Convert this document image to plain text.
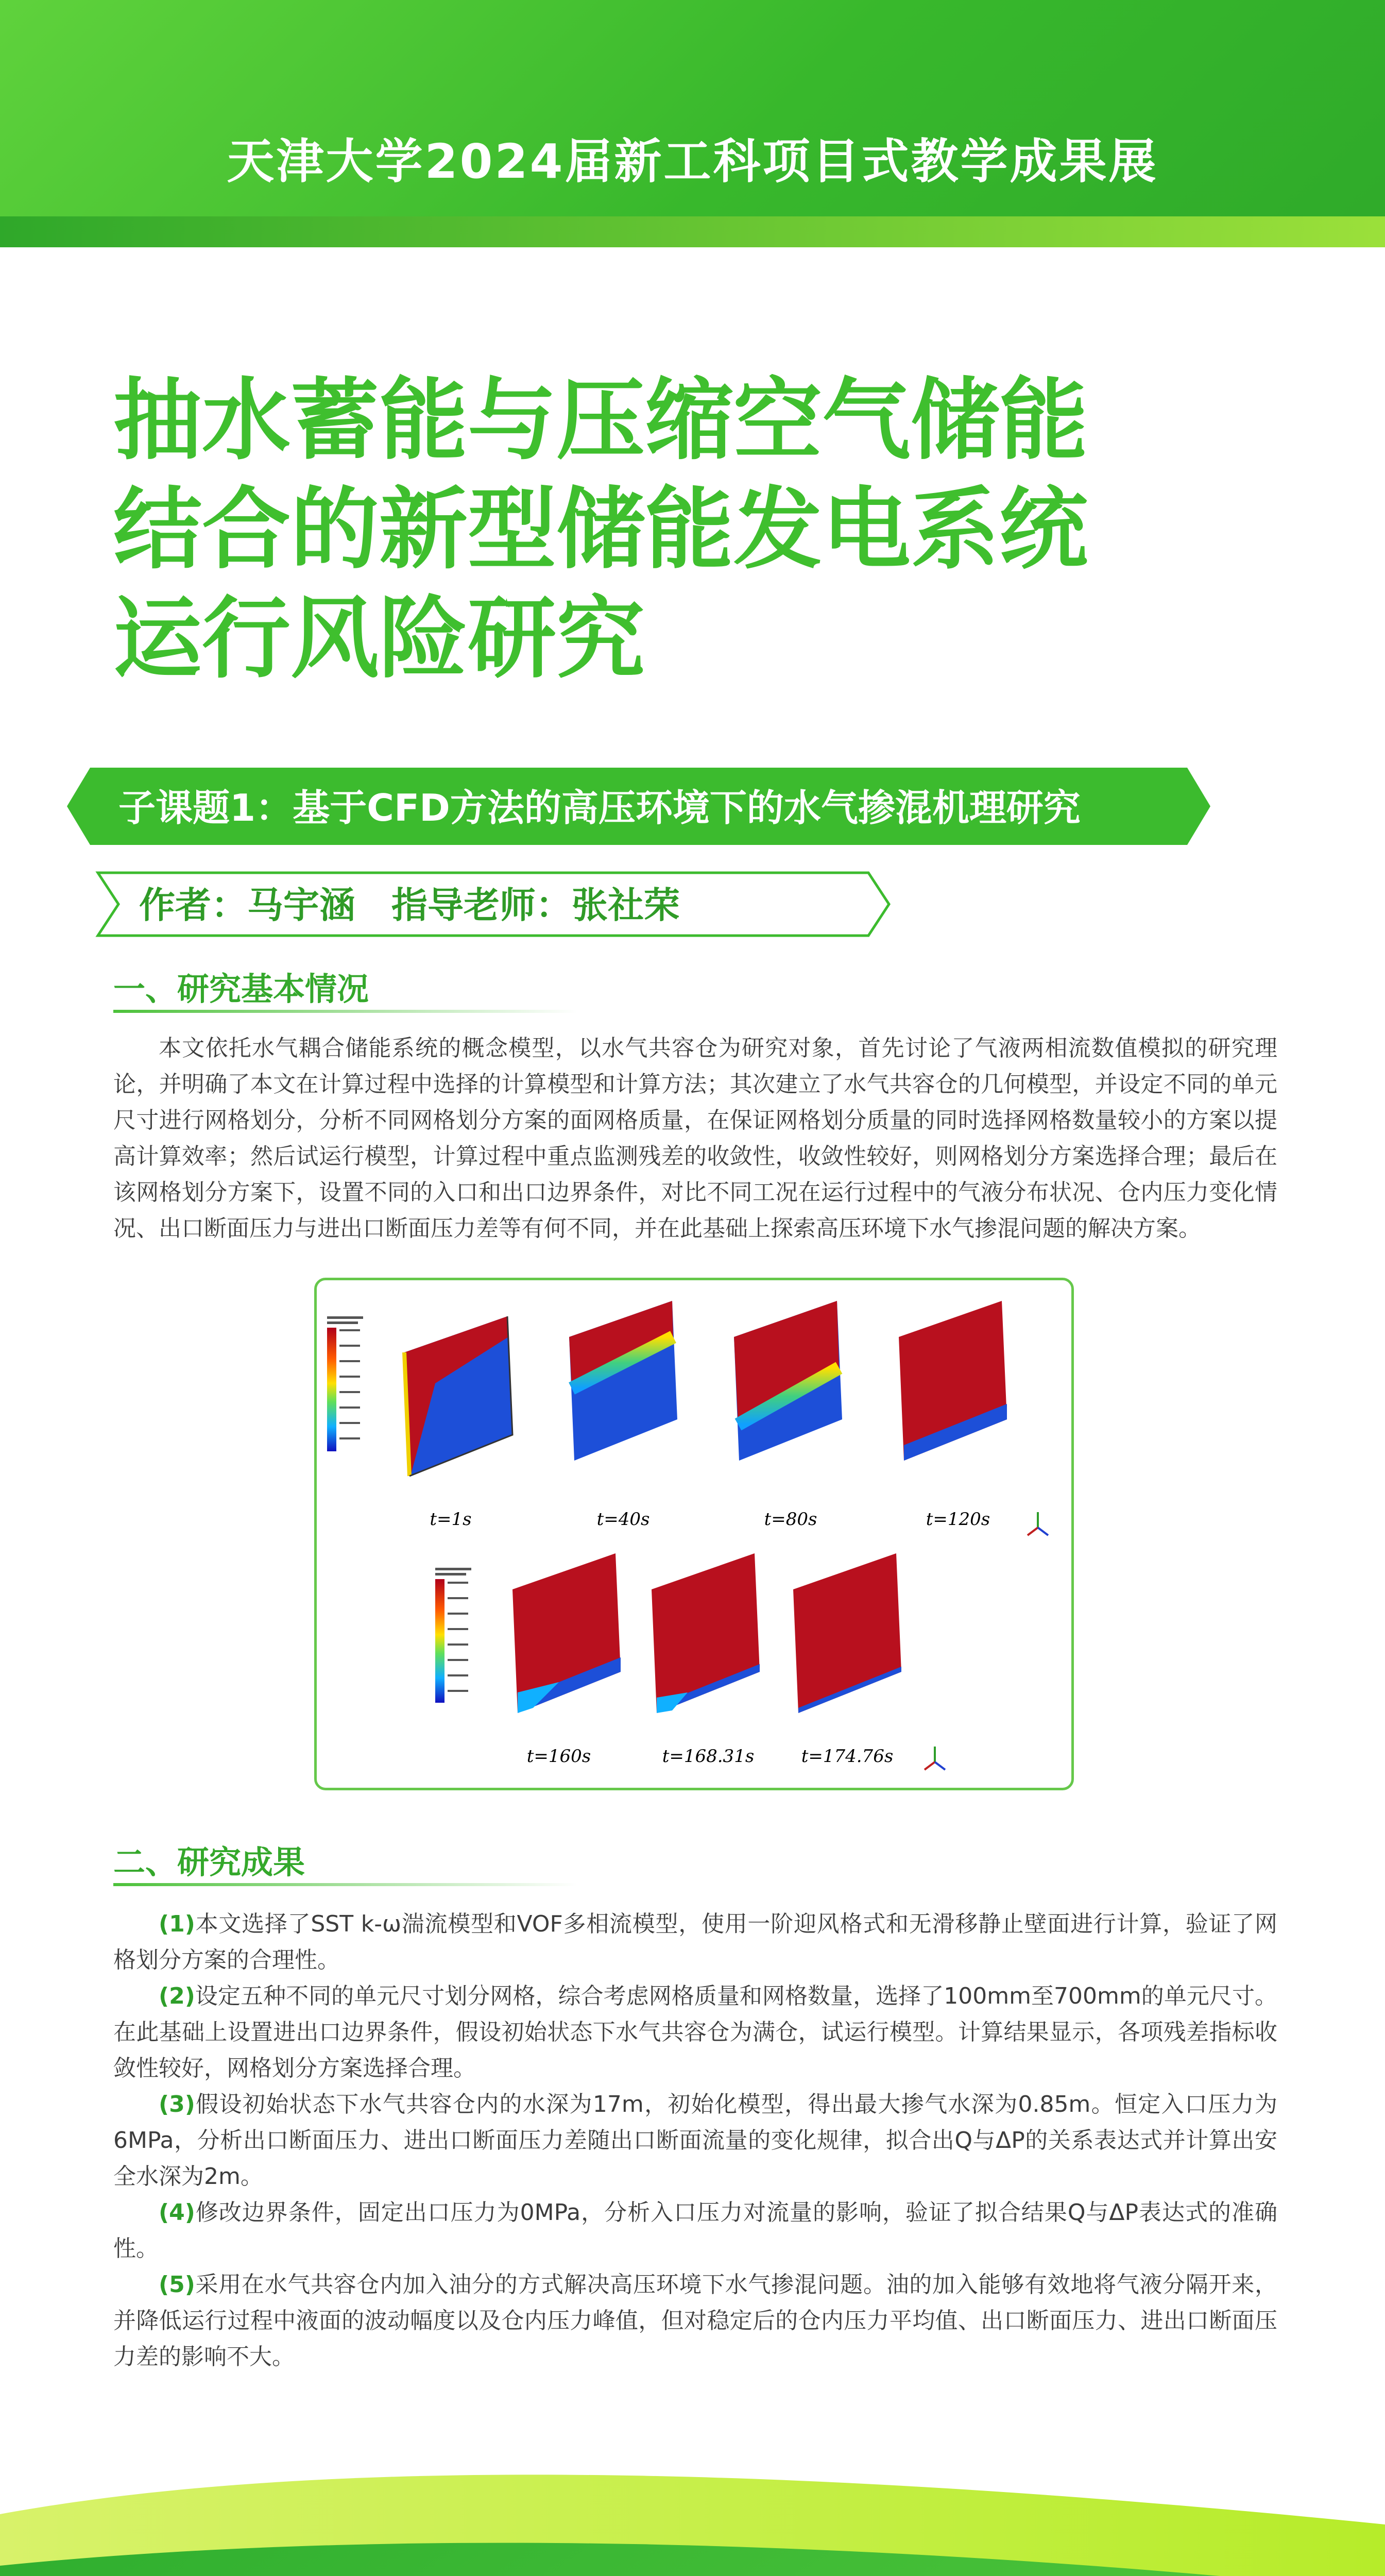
天津大学2024届新工科项目式教学成果展
抽水蓄能与压缩空气储能
结合的新型储能发电系统
运行风险研究
子课题1：基于CFD方法的高压环境下的水气掺混机理研究
作者：马宇涵　指导老师：张社荣
一、研究基本情况
本文依托水气耦合储能系统的概念模型，以水气共容仓为研究对象，首先讨论了气液两相流数值模拟的研究理论，并明确了本文在计算过程中选择的计算模型和计算方法；其次建立了水气共容仓的几何模型，并设定不同的单元尺寸进行网格划分，分析不同网格划分方案的面网格质量，在保证网格划分质量的同时选择网格数量较小的方案以提高计算效率；然后试运行模型，计算过程中重点监测残差的收敛性，收敛性较好，则网格划分方案选择合理；最后在该网格划分方案下，设置不同的入口和出口边界条件，对比不同工况在运行过程中的气液分布状况、仓内压力变化情况、出口断面压力与进出口断面压力差等有何不同，并在此基础上探索高压环境下水气掺混问题的解决方案。
t=1s	t=40s	t=80s	t=120s
t=160s	t=168.31s	t=174.76s
二、研究成果

(1)本文选择了SST k-ω湍流模型和VOF多相流模型，使用一阶迎风格式和无滑移静止壁面进行计算，验证了网格划分方案的合理性。

(2)设定五种不同的单元尺寸划分网格，综合考虑网格质量和网格数量，选择了100mm至700mm的单元尺寸。在此基础上设置进出口边界条件，假设初始状态下水气共容仓为满仓，试运行模型。计算结果显示，各项残差指标收敛性较好，网格划分方案选择合理。

(3)假设初始状态下水气共容仓内的水深为17m，初始化模型，得出最大掺气水深为0.85m。恒定入口压力为6MPa，分析出口断面压力、进出口断面压力差随出口断面流量的变化规律，拟合出Q与ΔP的关系表达式并计算出安全水深为2m。

(4)修改边界条件，固定出口压力为0MPa，分析入口压力对流量的影响，验证了拟合结果Q与ΔP表达式的准确性。

(5)采用在水气共容仓内加入油分的方式解决高压环境下水气掺混问题。油的加入能够有效地将气液分隔开来，并降低运行过程中液面的波动幅度以及仓内压力峰值，但对稳定后的仓内压力平均值、出口断面压力、进出口断面压力差的影响不大。
